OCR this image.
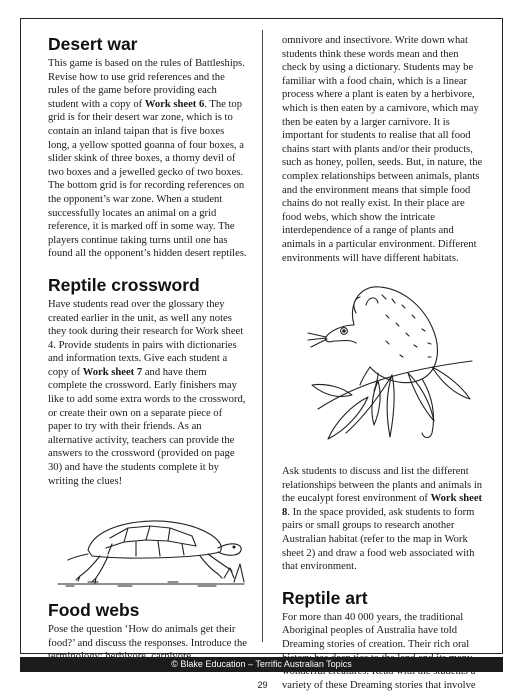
Desert war

This game is based on the rules of Battleships. Revise how to use grid references and the rules of the game before providing each student with a copy of Work sheet 6. The top grid is for their desert war zone, which is to contain an inland taipan that is five boxes long, a yellow spotted goanna of four boxes, a slider skink of three boxes, a thorny devil of two boxes and a jewelled gecko of two boxes. The bottom grid is for recording references on the opponent’s war zone. When a student successfully locates an animal on a grid reference, it is marked off in some way. The players continue taking turns until one has found all the opponent’s hidden desert reptiles.

Reptile crossword

Have students read over the glossary they created earlier in the unit, as well any notes they took during their research for Work sheet 4. Provide students in pairs with dictionaries and information texts. Give each student a copy of Work sheet 7 and have them complete the crossword. Early finishers may like to add some extra words to the crossword, or create their own on a separate piece of paper to try with their friends. As an alternative activity, teachers can provide the answers to the crossword (provided on page 30) and have the students complete it by writing the clues!

Food webs

Pose the question ‘How do animals get their food?’ and discuss the responses. Introduce the

omnivore and insectivore. Write down what students think these words mean and then check by using a dictionary. Students may be familiar with a food chain, which is a linear process where a plant is eaten by a herbivore, which is then eaten by a carnivore, which may then be eaten by a larger carnivore. It is important for students to realise that all food chains start with plants and/or their products, such as honey, pollen, seeds. But, in nature, the complex relationships between animals, plants and the environment means that simple food chains do not really exist. In their place are food webs, which show the intricate interdependence of a range of plants and animals in a particular environment. Different environments will have different habitats.

Ask students to discuss and list the different relationships between the plants and animals in the eucalypt forest environment of Work sheet 8. In the space provided, ask students to form pairs or small groups to research another Australian habitat (refer to the map in Work sheet 2) and draw a food web associated with that environment.

Reptile art

For more than 40 000 years, the traditional Aboriginal peoples of Australia have told Dreaming stories of creation. Their rich oral variety of these Dreaming stories that involve

© Blake Education – Terrific Australian Topics
29
